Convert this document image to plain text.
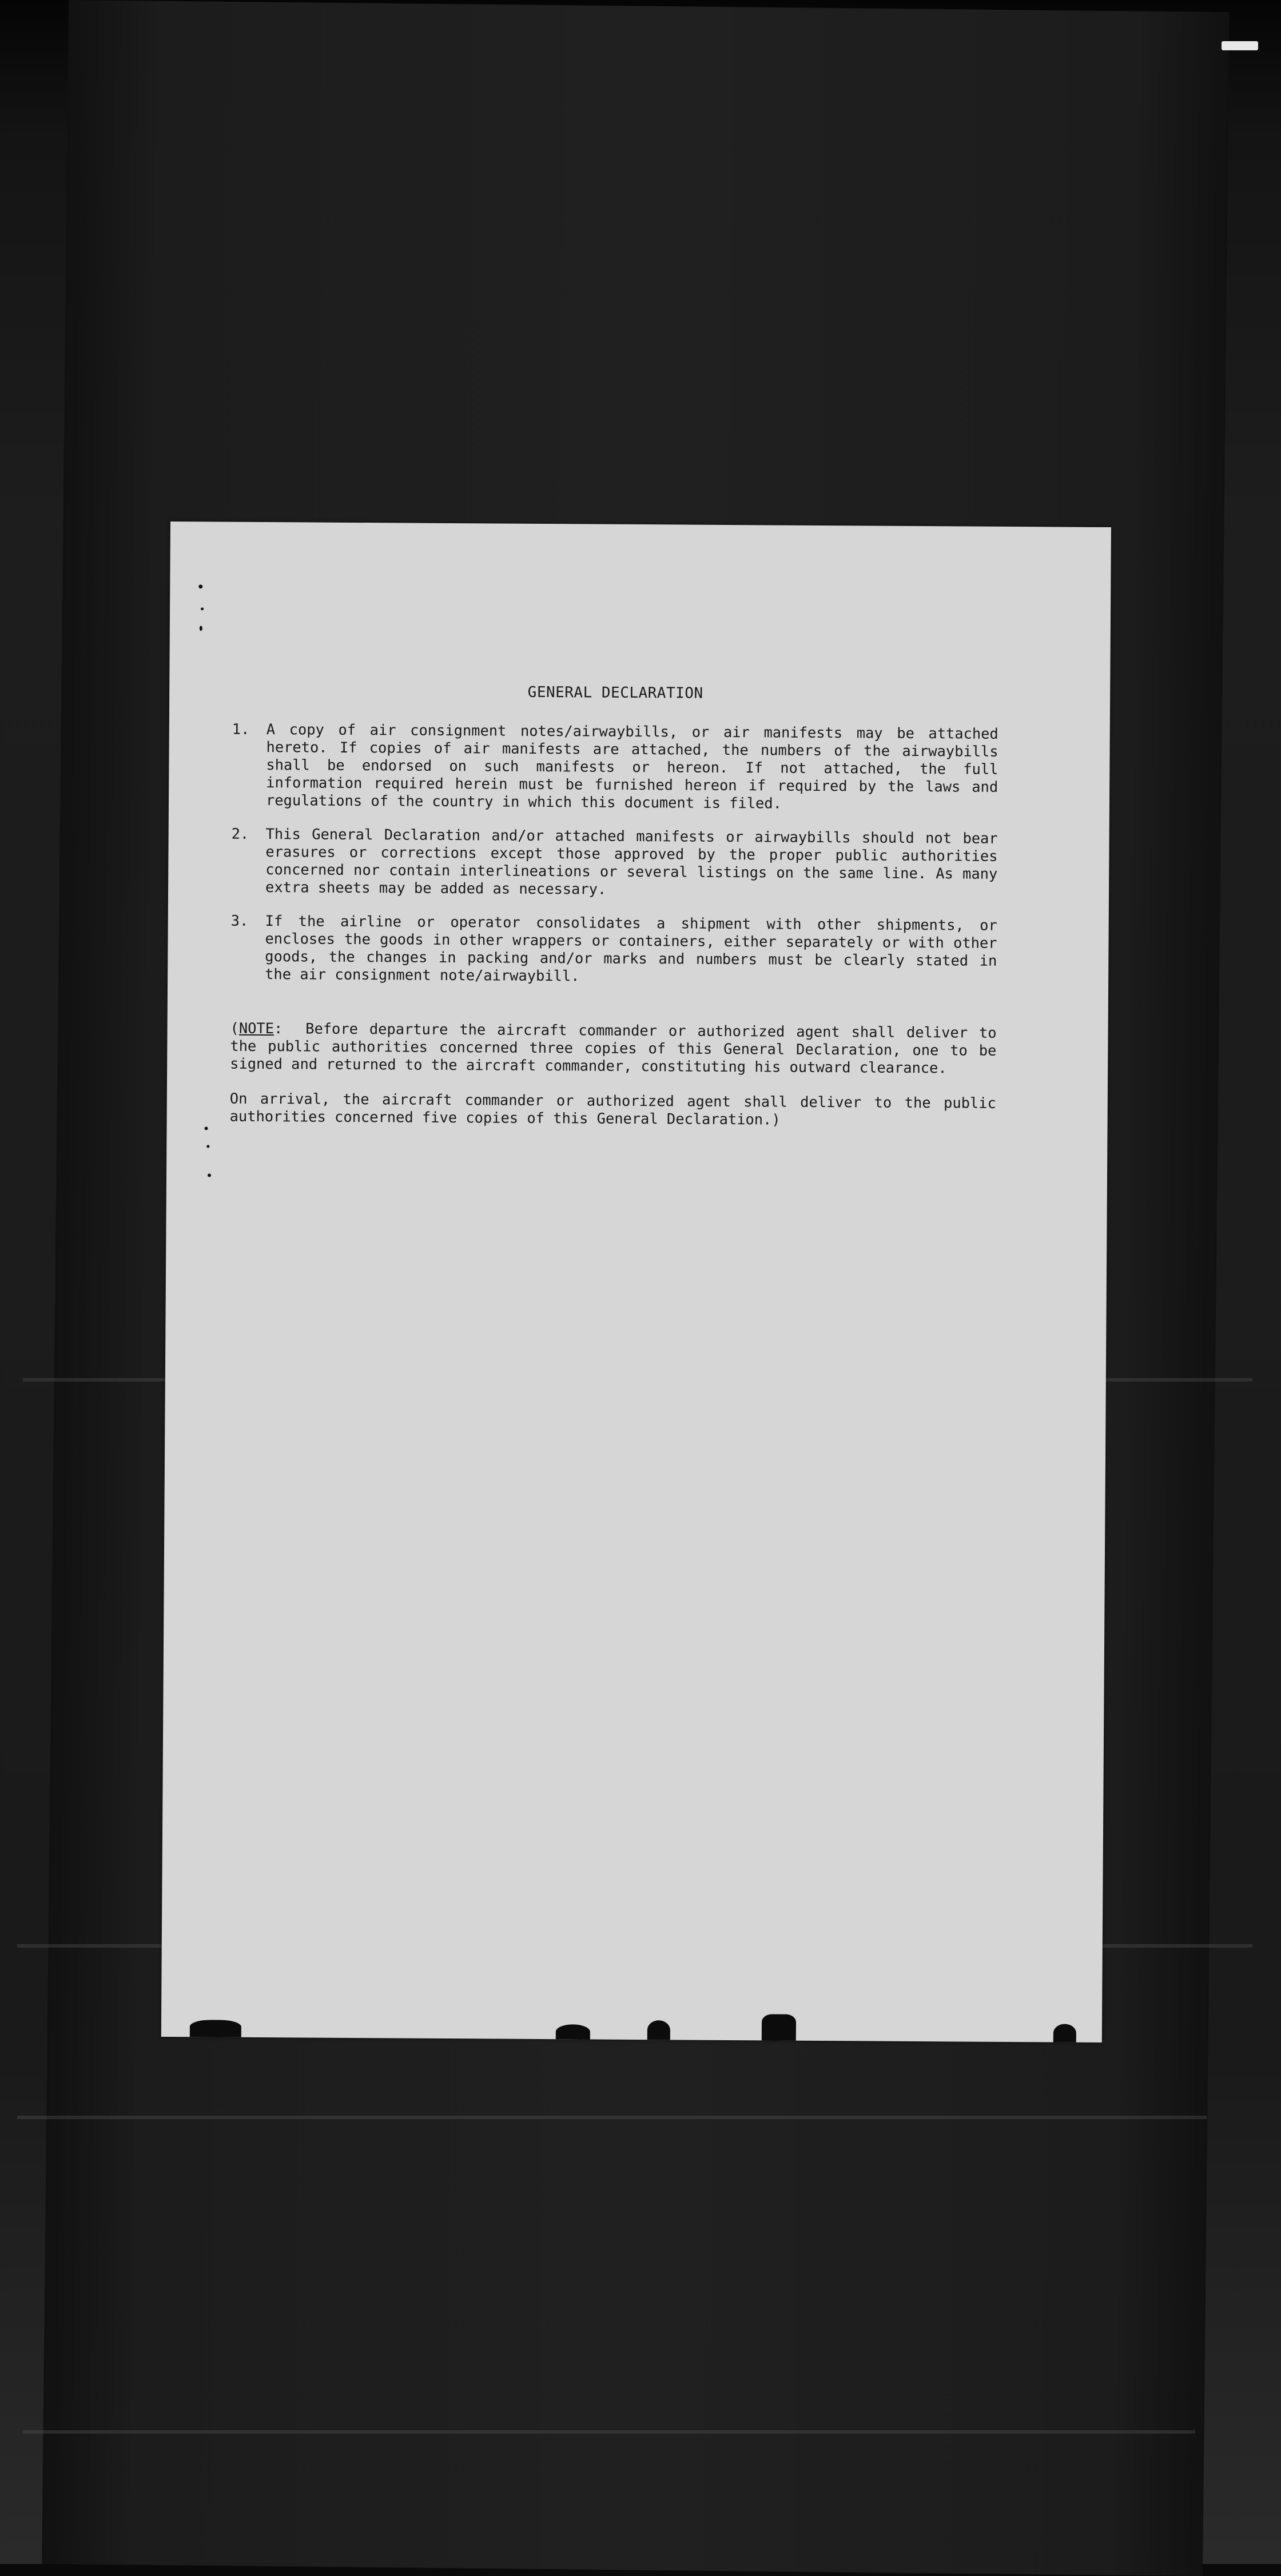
GENERAL DECLARATION
1.	A copy of air consignment notes/airwaybills, or air manifests may be attached hereto. If copies of air manifests are attached, the numbers of the airwaybills shall be endorsed on such manifests or hereon. If not attached, the full information required herein must be furnished hereon if required by the laws and regulations of the country in which this document is filed.
2.	This General Declaration and/or attached manifests or airwaybills should not bear erasures or corrections except those approved by the proper public authorities concerned nor contain interlineations or several listings on the same line. As many extra sheets may be added as necessary.
3.	If the airline or operator consolidates a shipment with other shipments, or encloses the goods in other wrappers or containers, either separately or with other goods, the changes in packing and/or marks and numbers must be clearly stated in the air consignment note/airwaybill.

(NOTE: Before departure the aircraft commander or authorized agent shall deliver to the public authorities concerned three copies of this General Declaration, one to be signed and returned to the aircraft commander, constituting his outward clearance.

On arrival, the aircraft commander or authorized agent shall deliver to the public authorities concerned five copies of this General Declaration.)
